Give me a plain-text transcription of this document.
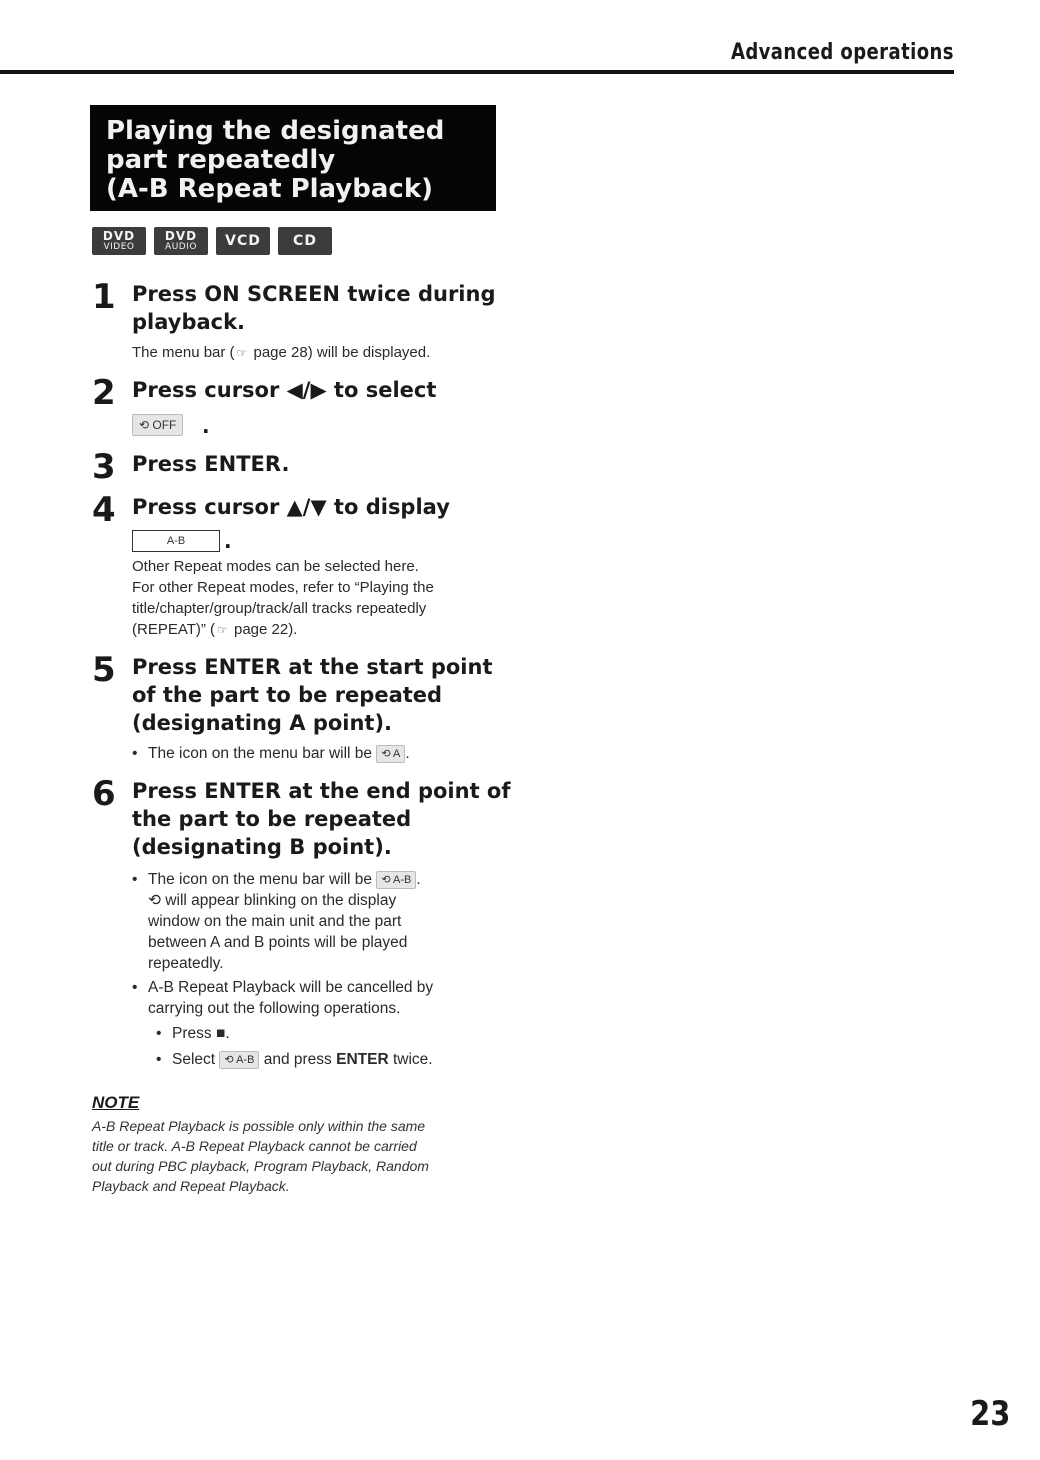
Advanced operations
Playing the designated
part repeatedly
(A-B Repeat Playback)
DVD
VIDEO
DVD
AUDIO VCD CD
1 Press ON SCREEN twice during
playback.
The menu bar ( ☞ page 28) will be displayed.
2 Press cursor ◀/▶ to select
⟲ OFF	.
3 Press ENTER.
4 Press cursor ▲/▼ to display
A-B	.
Other Repeat modes can be selected here.
For other Repeat modes, refer to “Playing the
title/chapter/group/track/all tracks repeatedly
(REPEAT)” ( ☞ page 22).
5 Press ENTER at the start point
of the part to be repeated
(designating A point).
• The icon on the menu bar will be ⟲ A .
6 Press ENTER at the end point of
the part to be repeated
(designating B point).
• The icon on the menu bar will be ⟲ A-B .
⟲ will appear blinking on the display
window on the main unit and the part
between A and B points will be played
repeatedly.
• A-B Repeat Playback will be cancelled by
carrying out the following operations.
• Press ■.
• Select ⟲ A-B and press ENTER twice.
NOTE
A-B Repeat Playback is possible only within the same
title or track. A-B Repeat Playback cannot be carried
out during PBC playback, Program Playback, Random
Playback and Repeat Playback.
23
